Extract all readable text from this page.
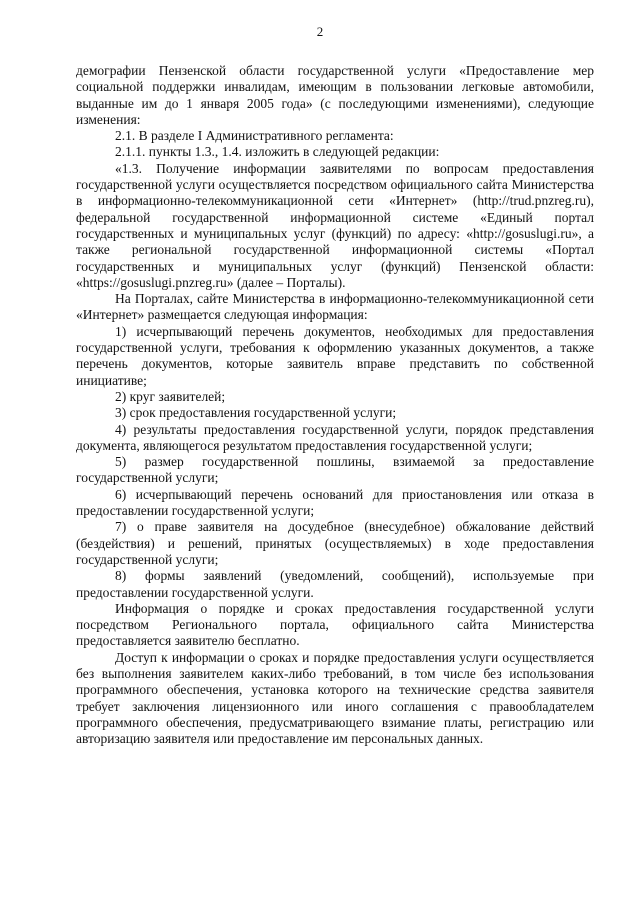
2

демографии Пензенской области государственной услуги «Предоставление мер социальной поддержки инвалидам, имеющим в пользовании легковые автомобили, выданные им до 1 января 2005 года» (с последующими изменениями), следующие изменения:

2.1. В разделе I Административного регламента:

2.1.1. пункты 1.3., 1.4. изложить в следующей редакции:

«1.3. Получение информации заявителями по вопросам предоставления государственной услуги осуществляется посредством официального сайта Министерства в информационно-телекоммуникационной сети «Интернет» (http://trud.pnzreg.ru), федеральной государственной информационной системе «Единый портал государственных и муниципальных услуг (функций) по адресу: «http://gosuslugi.ru», а также региональной государственной информационной системы «Портал государственных и муниципальных услуг (функций) Пензенской области: «https://gosuslugi.pnzreg.ru» (далее – Порталы).

На Порталах, сайте Министерства в информационно-телекоммуникационной сети «Интернет» размещается следующая информация:

1) исчерпывающий перечень документов, необходимых для предоставления государственной услуги, требования к оформлению указанных документов, а также перечень документов, которые заявитель вправе представить по собственной инициативе;

2) круг заявителей;

3) срок предоставления государственной услуги;

4) результаты предоставления государственной услуги, порядок представления документа, являющегося результатом предоставления государственной услуги;

5) размер государственной пошлины, взимаемой за предоставление государственной услуги;

6) исчерпывающий перечень оснований для приостановления или отказа в предоставлении государственной услуги;

7) о праве заявителя на досудебное (внесудебное) обжалование действий (бездействия) и решений, принятых (осуществляемых) в ходе предоставления государственной услуги;

8) формы заявлений (уведомлений, сообщений), используемые при предоставлении государственной услуги.

Информация о порядке и сроках предоставления государственной услуги посредством Регионального портала, официального сайта Министерства предоставляется заявителю бесплатно.

Доступ к информации о сроках и порядке предоставления услуги осуществляется без выполнения заявителем каких-либо требований, в том числе без использования программного обеспечения, установка которого на технические средства заявителя требует заключения лицензионного или иного соглашения с правообладателем программного обеспечения, предусматривающего взимание платы, регистрацию или авторизацию заявителя или предоставление им персональных данных.
